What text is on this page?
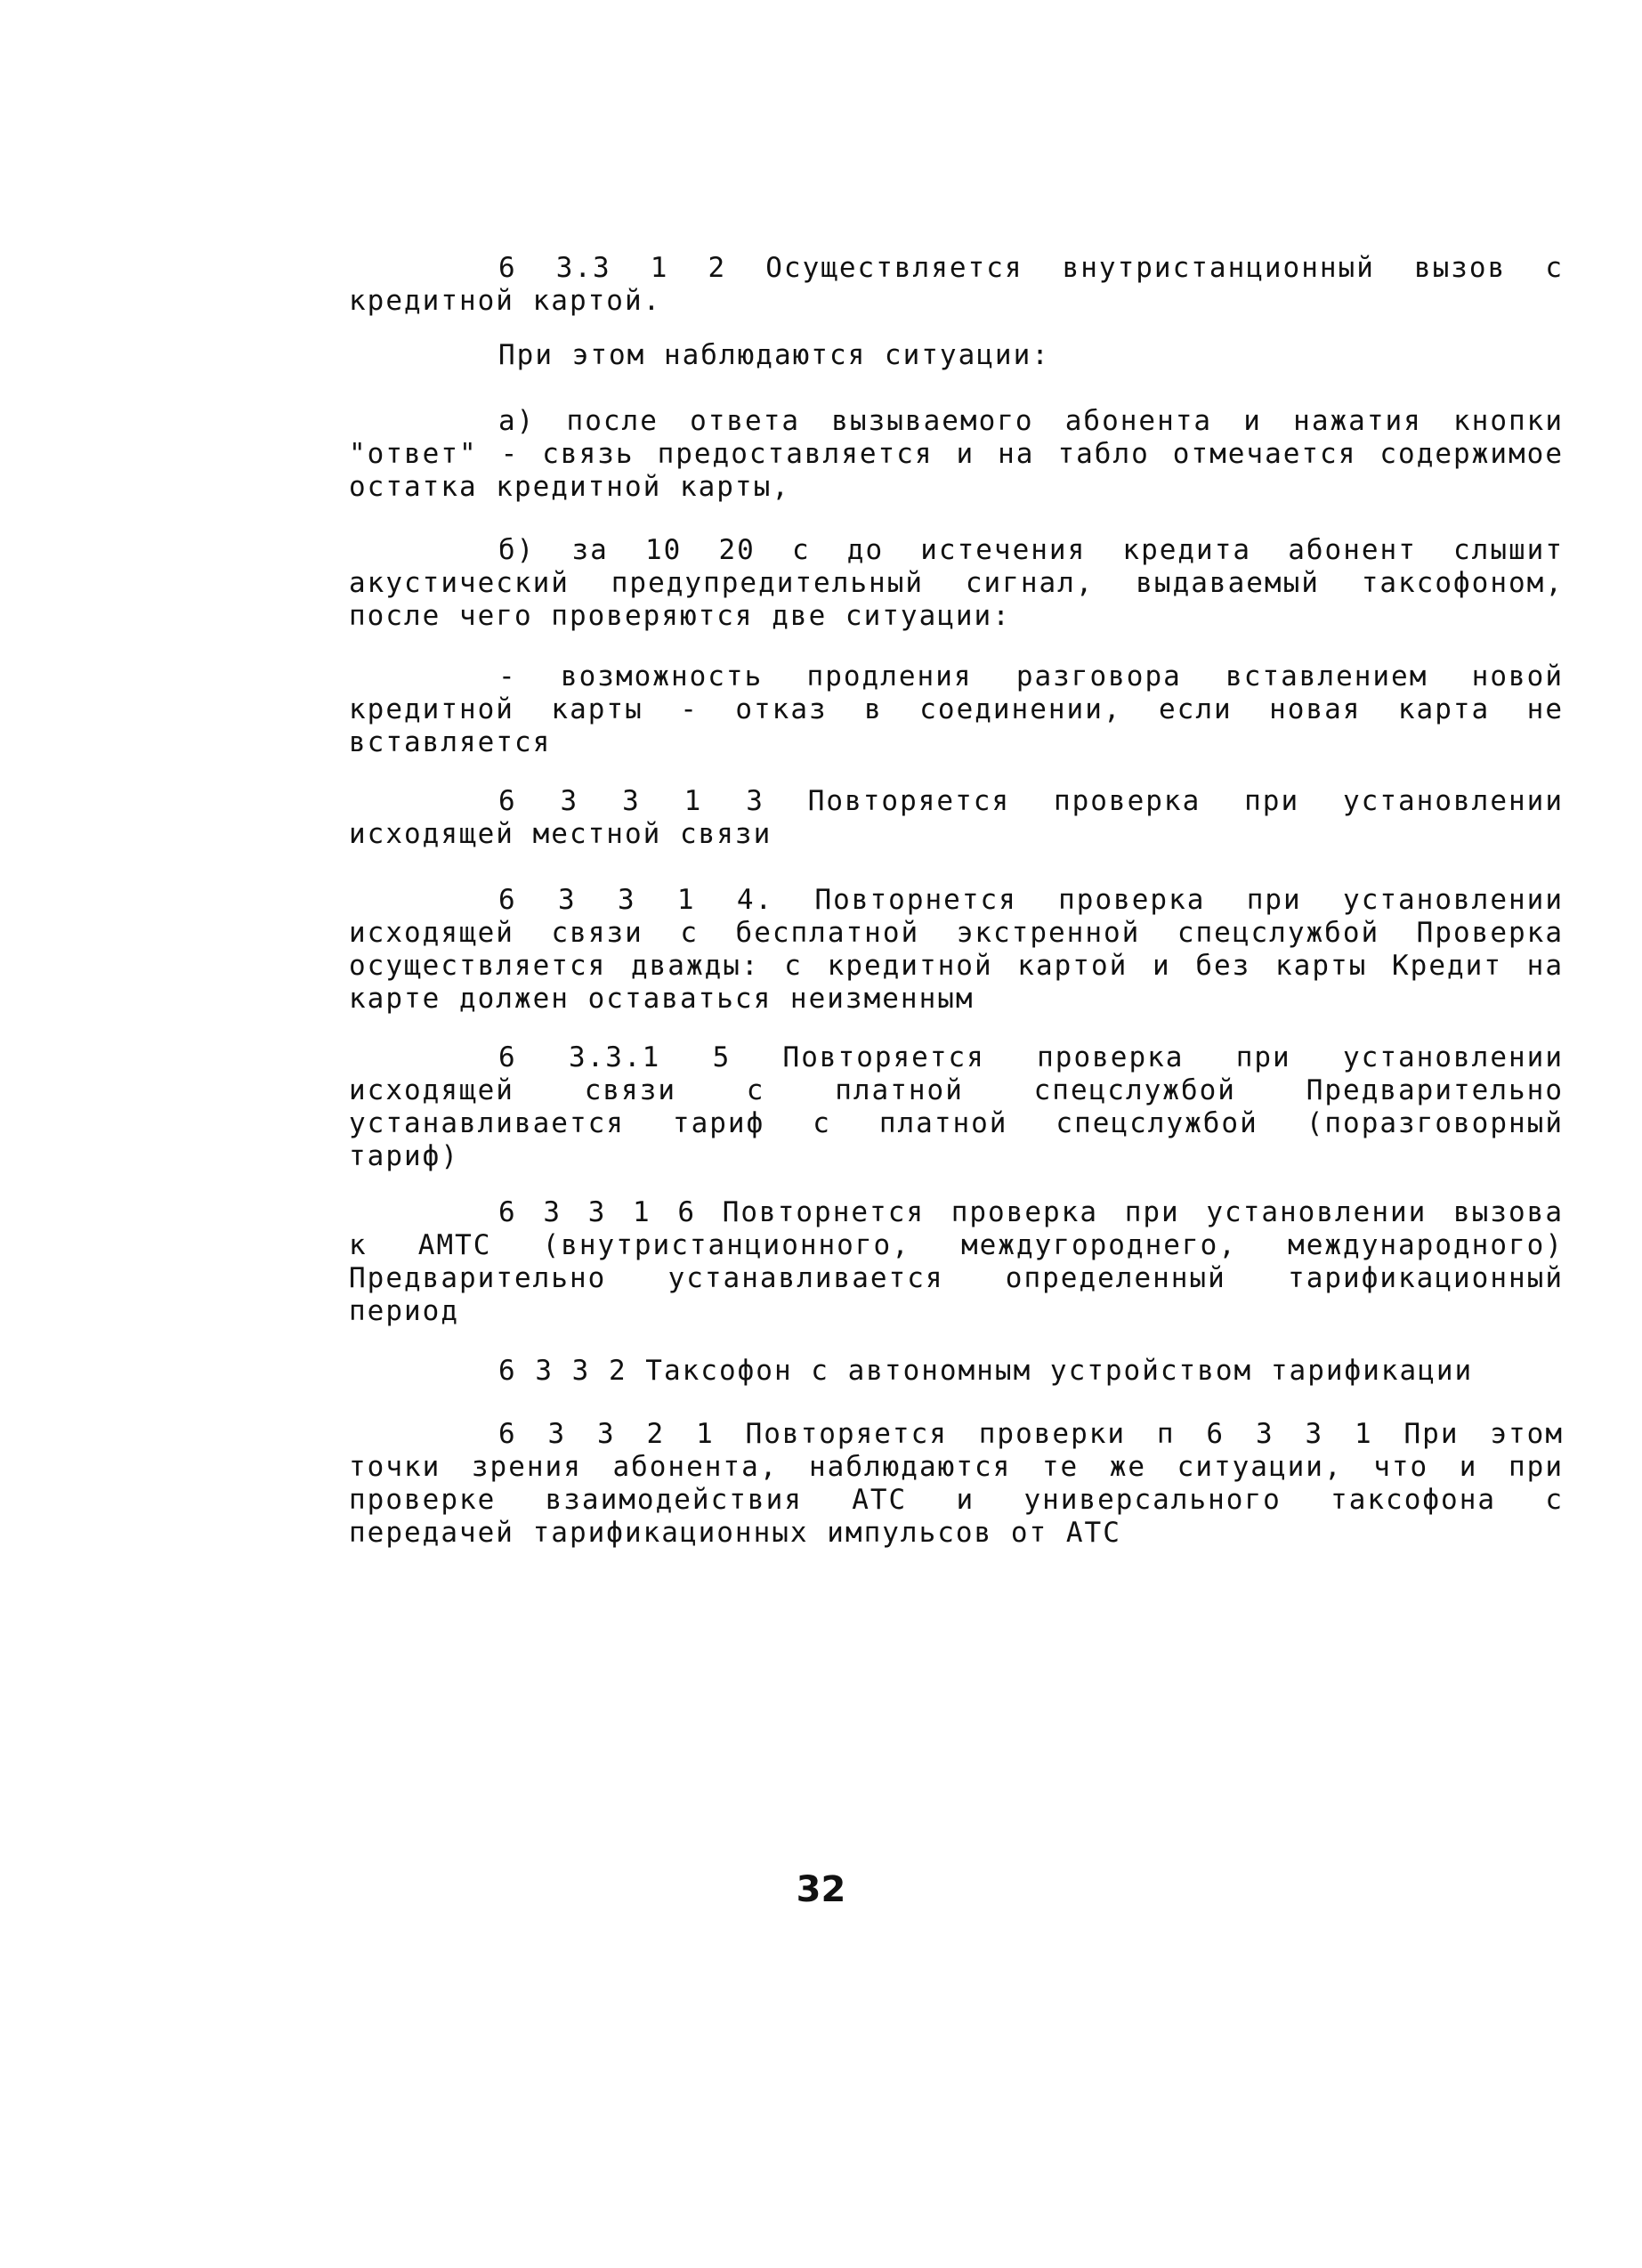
6 3.3 1 2 Осуществляется внутристанционный вызов с
кредитной картой.
При этом наблюдаются ситуации:
а) после ответа вызываемого абонента и нажатия кнопки
"ответ" - связь предоставляется и на табло отмечается содержимое
остатка кредитной карты,
б) за 10 20 с до истечения кредита абонент слышит
акустический предупредительный сигнал, выдаваемый таксофоном,
после чего проверяются две ситуации:
- возможность продления разговора вставлением новой
кредитной карты - отказ в соединении, если новая карта не
вставляется
6 3 3 1 3 Повторяется проверка при установлении
исходящей местной связи
6 3 3 1 4. Повторнется проверка при установлении
исходящей связи с бесплатной экстренной спецслужбой Проверка
осуществляется дважды: с кредитной картой и без карты Кредит на
карте должен оставаться неизменным
6 3.3.1 5 Повторяется проверка при установлении
исходящей связи с платной спецслужбой Предварительно
устанавливается тариф с платной спецслужбой (поразговорный
тариф)
6 3 3 1 6 Повторнется проверка при установлении вызова
к АМТС (внутристанционного, междугороднего, международного)
Предварительно устанавливается определенный тарификационный
период
6 3 3 2 Таксофон с автономным устройством тарификации
6 3 3 2 1 Повторяется проверки п 6 3 3 1 При этом
точки зрения абонента, наблюдаются те же ситуации, что и при
проверке взаимодействия АТС и универсального таксофона с
передачей тарификационных импульсов от АТС
32
